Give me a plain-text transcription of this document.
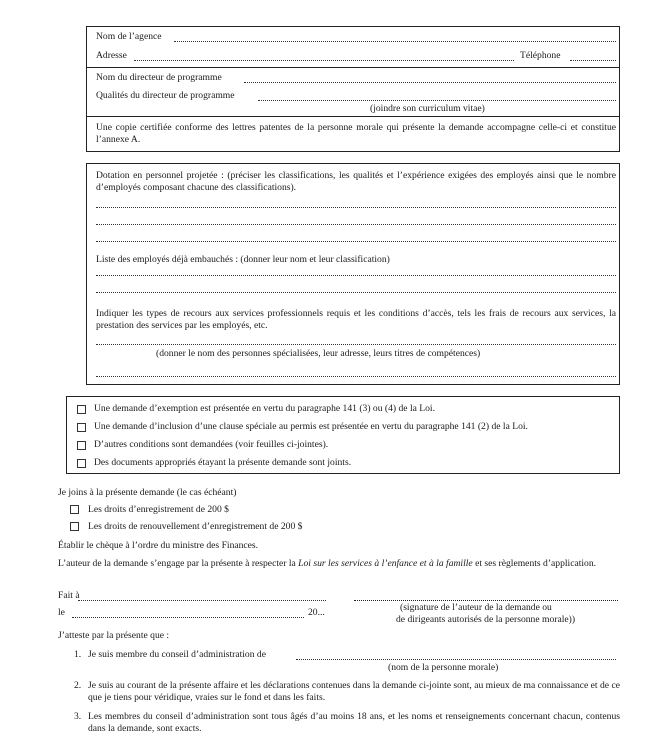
Nom de l’agence
Adresse	Téléphone
Nom du directeur de programme
Qualités du directeur de programme
(joindre son curriculum vitae)
Une copie certifiée conforme des lettres patentes de la personne morale qui présente la demande accompagne celle-ci et constitue l’annexe A.
Dotation en personnel projetée : (préciser les classifications, les qualités et l’expérience exigées des employés ainsi que le nombre d’employés composant chacune des classifications).
Liste des employés déjà embauchés : (donner leur nom et leur classification)
Indiquer les types de recours aux services professionnels requis et les conditions d’accès, tels les frais de recours aux services, la prestation des services par les employés, etc.
(donner le nom des personnes spécialisées, leur adresse, leurs titres de compétences)
Une demande d’exemption est présentée en vertu du paragraphe 141 (3) ou (4) de la Loi.
Une demande d’inclusion d’une clause spéciale au permis est présentée en vertu du paragraphe 141 (2) de la Loi.
D’autres conditions sont demandées (voir feuilles ci-jointes).
Des documents appropriés étayant la présente demande sont joints.
Je joins à la présente demande (le cas échéant)
Les droits d’enregistrement de 200 $
Les droits de renouvellement d’enregistrement de 200 $
Établir le chèque à l’ordre du ministre des Finances.
L’auteur de la demande s’engage par la présente à respecter la Loi sur les services à l’enfance et à la famille et ses règlements d’application.
Fait à
le	20...	(signature de l’auteur de la demande ou
de dirigeants autorisés de la personne morale))
J’atteste par la présente que :
1. Je suis membre du conseil d’administration de
(nom de la personne morale)
2. Je suis au courant de la présente affaire et les déclarations contenues dans la demande ci-jointe sont, au mieux de ma connaissance et de ce que je tiens pour véridique, vraies sur le fond et dans les faits.
3. Les membres du conseil d’administration sont tous âgés d’au moins 18 ans, et les noms et renseignements concernant chacun, contenus dans la demande, sont exacts.
